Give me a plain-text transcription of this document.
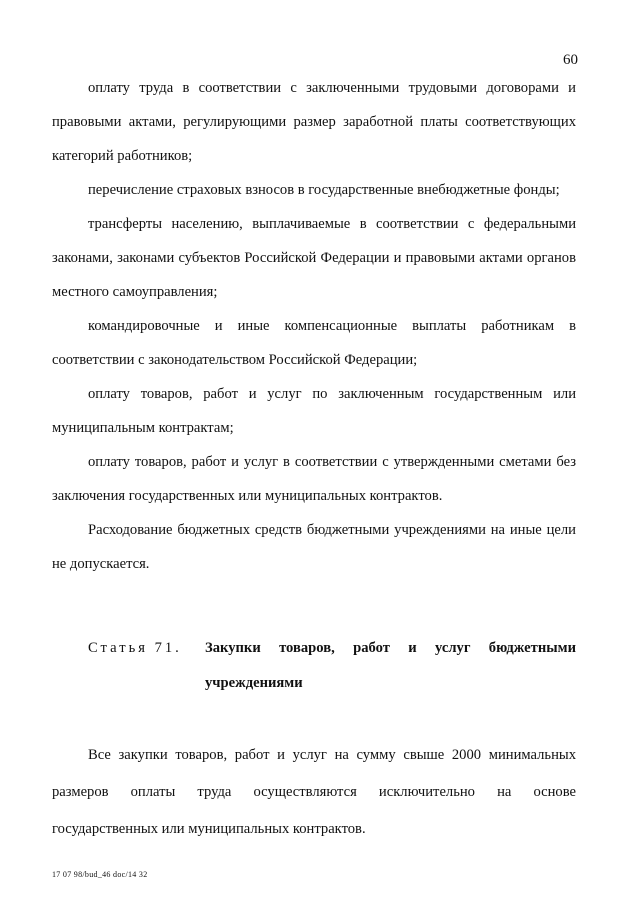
60

оплату труда в соответствии с заключенными трудовыми договорами и правовыми актами, регулирующими размер заработной платы соответствующих категорий работников;

перечисление страховых взносов в государственные внебюджетные фонды;

трансферты населению, выплачиваемые в соответствии с федеральными законами, законами субъектов Российской Федерации и правовыми актами органов местного самоуправления;

командировочные и иные компенсационные выплаты работникам в соответствии с законодательством Российской Федерации;

оплату товаров, работ и услуг по заключенным государственным или муниципальным контрактам;

оплату товаров, работ и услуг в соответствии с утвержденными сметами без заключения государственных или муниципальных контрактов.

Расходование бюджетных средств бюджетными учреждениями на иные цели не допускается.

Статья 71. Закупки товаров, работ и услуг бюджетными
учреждениями
Все закупки товаров, работ и услуг на сумму свыше 2000 минимальных
размеров оплаты труда осуществляются исключительно на основе
государственных или муниципальных контрактов.
17 07 98/bud_46 doc/14 32
